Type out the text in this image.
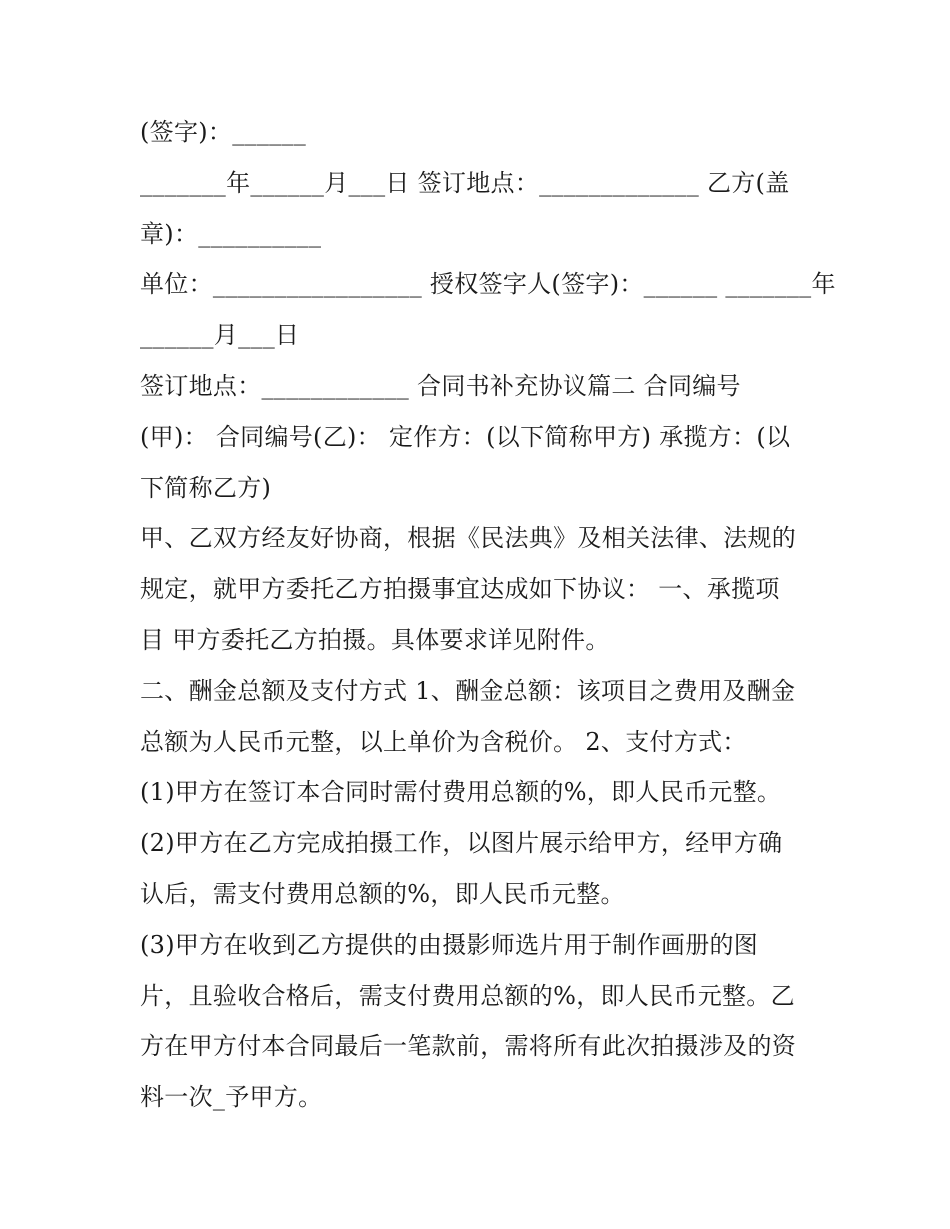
(签字)：______
_______年______月___日 签订地点：_____________ 乙方(盖
章)：__________
单位：_________________ 授权签字人(签字)：______ _______年
______月___日
签订地点：____________ 合同书补充协议篇二 合同编号
(甲)： 合同编号(乙)： 定作方：(以下简称甲方) 承揽方：(以
下简称乙方)
甲、乙双方经友好协商，根据《民法典》及相关法律、法规的
规定，就甲方委托乙方拍摄事宜达成如下协议： 一、承揽项
目 甲方委托乙方拍摄。具体要求详见附件。
二、酬金总额及支付方式 1、酬金总额：该项目之费用及酬金
总额为人民币元整，以上单价为含税价。 2、支付方式：
(1)甲方在签订本合同时需付费用总额的%，即人民币元整。
(2)甲方在乙方完成拍摄工作，以图片展示给甲方，经甲方确
认后，需支付费用总额的%，即人民币元整。
(3)甲方在收到乙方提供的由摄影师选片用于制作画册的图
片，且验收合格后，需支付费用总额的%，即人民币元整。乙
方在甲方付本合同最后一笔款前，需将所有此次拍摄涉及的资
料一次_予甲方。
